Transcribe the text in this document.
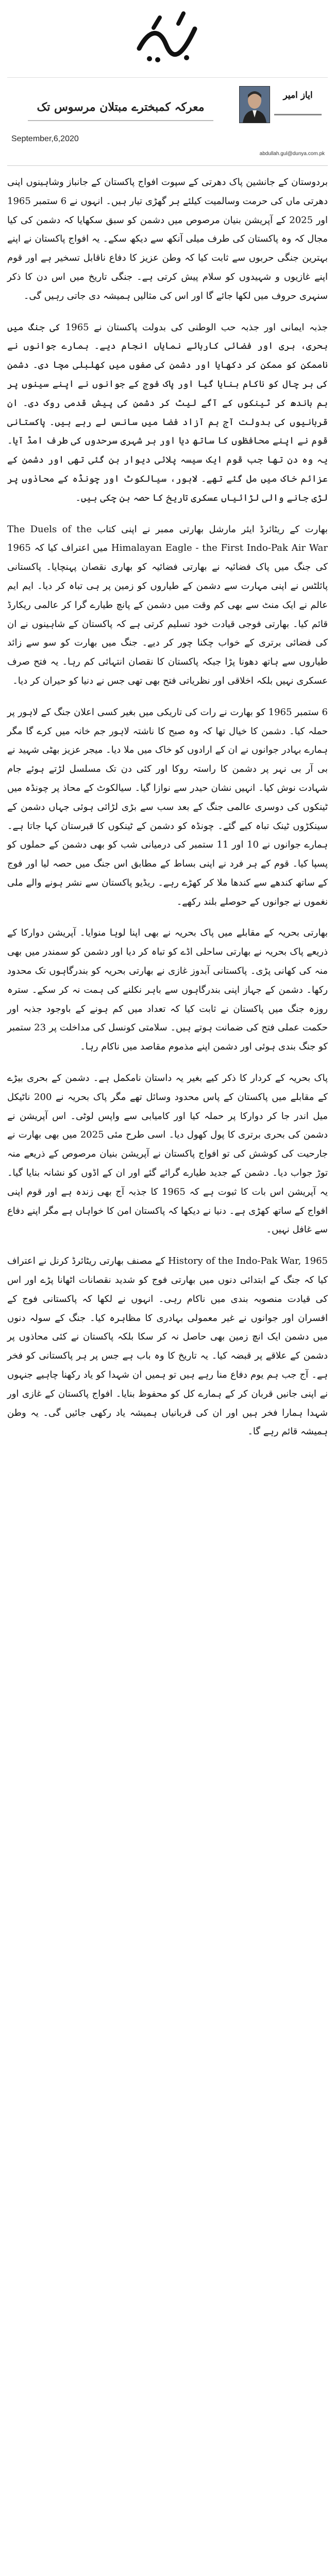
معرکہ کمبخترے مبتلان مرسوس تک
September,6,2020
ایاز امیر
abdullah.gul@dunya.com.pk

بردوستان کے جانشین پاک دھرتی کے سپوت افواج پاکستان کے جانباز وشاہینوں اپنی دھرتی ماں کی حرمت وسالمیت کیلئے ہر گھڑی تیار ہیں۔ انہوں نے 6 ستمبر 1965 اور 2025 کے آپریشن بنیان مرصوص میں دشمن کو سبق سکھایا کہ دشمن کی کیا مجال کہ وہ پاکستان کی طرف میلی آنکھ سے دیکھ سکے۔ یہ افواج پاکستان نے اپنے بہترین جنگی حربوں سے ثابت کیا کہ وطن عزیز کا دفاع ناقابل تسخیر ہے اور قوم اپنے غازیوں و شہیدوں کو سلام پیش کرتی ہے۔ جنگی تاریخ میں اس دن کا ذکر سنہری حروف میں لکھا جائے گا اور اس کی مثالیں ہمیشہ دی جاتی رہیں گی۔

جذبہ ایمانی اور جذبہ حب الوطنی کی بدولت پاکستان نے 1965 کی جنگ میں بحری، بری اور فضائی کارہائے نمایاں انجام دیے۔ ہمارے جوانوں نے ناممکن کو ممکن کر دکھایا اور دشمن کی صفوں میں کھلبلی مچا دی۔ دشمن کی ہر چال کو ناکام بنایا گیا اور پاک فوج کے جوانوں نے اپنے سینوں پر بم باندھ کر ٹینکوں کے آگے لیٹ کر دشمن کی پیش قدمی روک دی۔ ان قربانیوں کی بدولت آج ہم آزاد فضا میں سانس لے رہے ہیں۔ پاکستانی قوم نے اپنے محافظوں کا ساتھ دیا اور ہر شہری سرحدوں کی طرف امڈ آیا۔ یہ وہ دن تھا جب قوم ایک سیسہ پلائی دیوار بن گئی تھی اور دشمن کے عزائم خاک میں مل گئے تھے۔ لاہور، سیالکوٹ اور چونڈہ کے محاذوں پر لڑی جانے والی لڑائیاں عسکری تاریخ کا حصہ بن چکی ہیں۔

بھارت کے ریٹائرڈ ایئر مارشل بھارتی ممبر نے اپنی کتاب The Duels of the Himalayan Eagle - the First Indo-Pak Air War میں اعتراف کیا کہ 1965 کی جنگ میں پاک فضائیہ نے بھارتی فضائیہ کو بھاری نقصان پہنچایا۔ پاکستانی پائلٹس نے اپنی مہارت سے دشمن کے طیاروں کو زمین پر ہی تباہ کر دیا۔ ایم ایم عالم نے ایک منٹ سے بھی کم وقت میں دشمن کے پانچ طیارے گرا کر عالمی ریکارڈ قائم کیا۔ بھارتی فوجی قیادت خود تسلیم کرتی ہے کہ پاکستان کے شاہینوں نے ان کی فضائی برتری کے خواب چکنا چور کر دیے۔ جنگ میں بھارت کو سو سے زائد طیاروں سے ہاتھ دھونا پڑا جبکہ پاکستان کا نقصان انتہائی کم رہا۔ یہ فتح صرف عسکری نہیں بلکہ اخلاقی اور نظریاتی فتح بھی تھی جس نے دنیا کو حیران کر دیا۔

6 ستمبر 1965 کو بھارت نے رات کی تاریکی میں بغیر کسی اعلان جنگ کے لاہور پر حملہ کیا۔ دشمن کا خیال تھا کہ وہ صبح کا ناشتہ لاہور جم خانہ میں کرے گا مگر ہمارے بہادر جوانوں نے ان کے ارادوں کو خاک میں ملا دیا۔ میجر عزیز بھٹی شہید نے بی آر بی نہر پر دشمن کا راستہ روکا اور کئی دن تک مسلسل لڑتے ہوئے جام شہادت نوش کیا۔ انہیں نشان حیدر سے نوازا گیا۔ سیالکوٹ کے محاذ پر چونڈہ میں ٹینکوں کی دوسری عالمی جنگ کے بعد سب سے بڑی لڑائی ہوئی جہاں دشمن کے سینکڑوں ٹینک تباہ کیے گئے۔ چونڈہ کو دشمن کے ٹینکوں کا قبرستان کہا جاتا ہے۔ ہمارے جوانوں نے 10 اور 11 ستمبر کی درمیانی شب کو بھی دشمن کے حملوں کو پسپا کیا۔ قوم کے ہر فرد نے اپنی بساط کے مطابق اس جنگ میں حصہ لیا اور فوج کے ساتھ کندھے سے کندھا ملا کر کھڑے رہے۔ ریڈیو پاکستان سے نشر ہونے والے ملی نغموں نے جوانوں کے حوصلے بلند رکھے۔

بھارتی بحریہ کے مقابلے میں پاک بحریہ نے بھی اپنا لوہا منوایا۔ آپریشن دوارکا کے ذریعے پاک بحریہ نے بھارتی ساحلی اڈے کو تباہ کر دیا اور دشمن کو سمندر میں بھی منہ کی کھانی پڑی۔ پاکستانی آبدوز غازی نے بھارتی بحریہ کو بندرگاہوں تک محدود رکھا۔ دشمن کے جہاز اپنی بندرگاہوں سے باہر نکلنے کی ہمت نہ کر سکے۔ سترہ روزہ جنگ میں پاکستان نے ثابت کیا کہ تعداد میں کم ہونے کے باوجود جذبہ اور حکمت عملی فتح کی ضمانت ہوتے ہیں۔ سلامتی کونسل کی مداخلت پر 23 ستمبر کو جنگ بندی ہوئی اور دشمن اپنے مذموم مقاصد میں ناکام رہا۔

پاک بحریہ کے کردار کا ذکر کیے بغیر یہ داستان نامکمل ہے۔ دشمن کے بحری بیڑے کے مقابلے میں پاکستان کے پاس محدود وسائل تھے مگر پاک بحریہ نے 200 ناٹیکل میل اندر جا کر دوارکا پر حملہ کیا اور کامیابی سے واپس لوٹی۔ اس آپریشن نے دشمن کی بحری برتری کا پول کھول دیا۔ اسی طرح مئی 2025 میں بھی بھارت نے جارحیت کی کوشش کی تو افواج پاکستان نے آپریشن بنیان مرصوص کے ذریعے منہ توڑ جواب دیا۔ دشمن کے جدید طیارے گرائے گئے اور ان کے اڈوں کو نشانہ بنایا گیا۔ یہ آپریشن اس بات کا ثبوت ہے کہ 1965 کا جذبہ آج بھی زندہ ہے اور قوم اپنی افواج کے ساتھ کھڑی ہے۔ دنیا نے دیکھا کہ پاکستان امن کا خواہاں ہے مگر اپنے دفاع سے غافل نہیں۔

History of the Indo-Pak War, 1965 کے مصنف بھارتی ریٹائرڈ کرنل نے اعتراف کیا کہ جنگ کے ابتدائی دنوں میں بھارتی فوج کو شدید نقصانات اٹھانا پڑے اور اس کی قیادت منصوبہ بندی میں ناکام رہی۔ انہوں نے لکھا کہ پاکستانی فوج کے افسران اور جوانوں نے غیر معمولی بہادری کا مظاہرہ کیا۔ جنگ کے سولہ دنوں میں دشمن ایک انچ زمین بھی حاصل نہ کر سکا بلکہ پاکستان نے کئی محاذوں پر دشمن کے علاقے پر قبضہ کیا۔ یہ تاریخ کا وہ باب ہے جس پر ہر پاکستانی کو فخر ہے۔ آج جب ہم یوم دفاع منا رہے ہیں تو ہمیں ان شہدا کو یاد رکھنا چاہیے جنہوں نے اپنی جانیں قربان کر کے ہمارے کل کو محفوظ بنایا۔ افواج پاکستان کے غازی اور شہدا ہمارا فخر ہیں اور ان کی قربانیاں ہمیشہ یاد رکھی جائیں گی۔ یہ وطن ہمیشہ قائم رہے گا۔
